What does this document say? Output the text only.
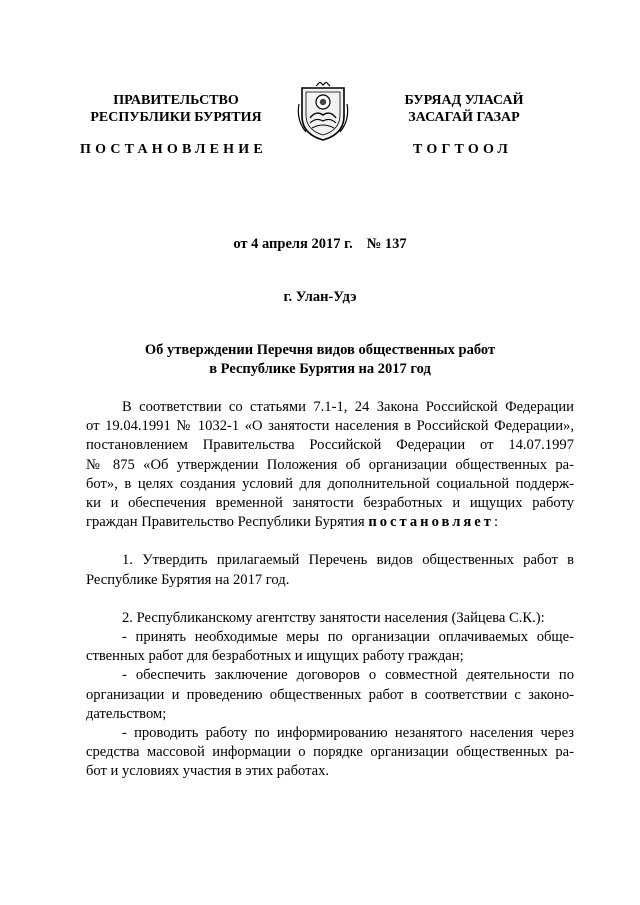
ПРАВИТЕЛЬСТВО
РЕСПУБЛИКИ БУРЯТИЯ
БУРЯАД УЛАСАЙ
ЗАСАГАЙ ГАЗАР
ПОСТАНОВЛЕНИЕ	ТОГТООЛ
от 4 апреля 2017 г. № 137
г. Улан-Удэ
Об утверждении Перечня видов общественных работ
в Республике Бурятия на 2017 год
В соответствии со статьями 7.1-1, 24 Закона Российской Федерации
от 19.04.1991 № 1032-1 «О занятости населения в Российской Федерации»,
постановлением Правительства Российской Федерации от 14.07.1997
№ 875 «Об утверждении Положения об организации общественных ра-
бот», в целях создания условий для дополнительной социальной поддерж-
ки и обеспечения временной занятости безработных и ищущих работу
граждан Правительство Республики Бурятия постановляет:
1. Утвердить прилагаемый Перечень видов общественных работ в
Республике Бурятия на 2017 год.
2. Республиканскому агентству занятости населения (Зайцева С.К.):
- принять необходимые меры по организации оплачиваемых обще-
ственных работ для безработных и ищущих работу граждан;
- обеспечить заключение договоров о совместной деятельности по
организации и проведению общественных работ в соответствии с законо-
дательством;
- проводить работу по информированию незанятого населения через
средства массовой информации о порядке организации общественных ра-
бот и условиях участия в этих работах.
